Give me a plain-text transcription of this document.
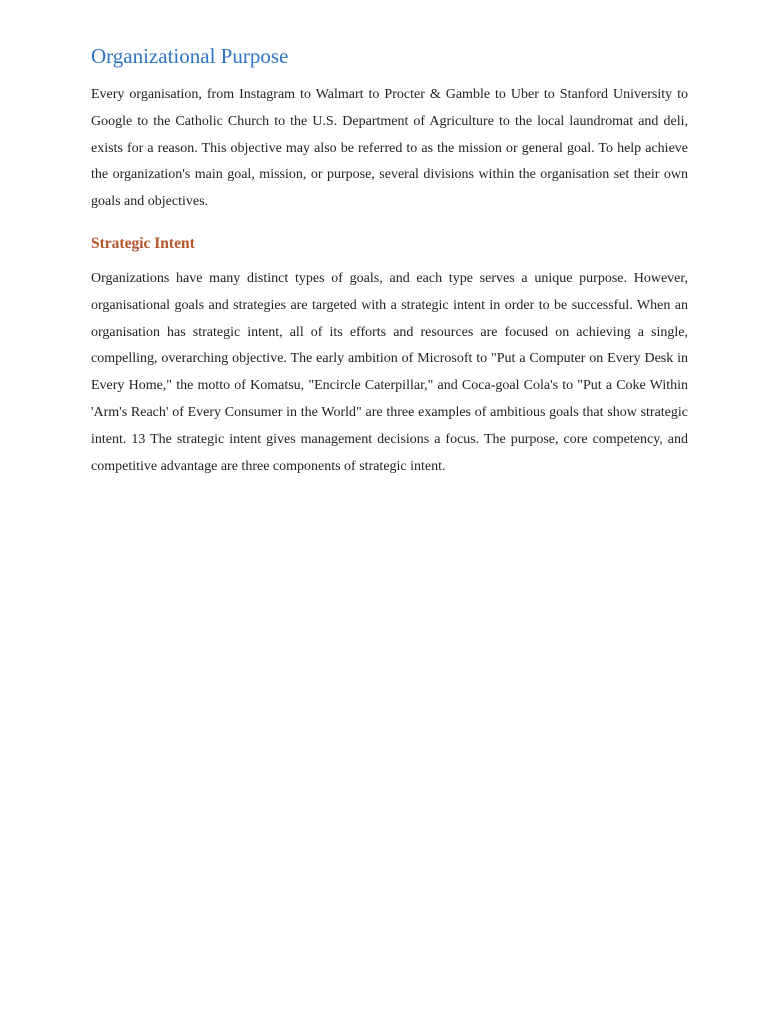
Organizational Purpose

Every organisation, from Instagram to Walmart to Procter & Gamble to Uber to Stanford University to Google to the Catholic Church to the U.S. Department of Agriculture to the local laundromat and deli, exists for a reason. This objective may also be referred to as the mission or general goal. To help achieve the organization's main goal, mission, or purpose, several divisions within the organisation set their own goals and objectives.

Strategic Intent

Organizations have many distinct types of goals, and each type serves a unique purpose. However, organisational goals and strategies are targeted with a strategic intent in order to be successful. When an organisation has strategic intent, all of its efforts and resources are focused on achieving a single, compelling, overarching objective. The early ambition of Microsoft to "Put a Computer on Every Desk in Every Home," the motto of Komatsu, "Encircle Caterpillar," and Coca-goal Cola's to "Put a Coke Within 'Arm's Reach' of Every Consumer in the World" are three examples of ambitious goals that show strategic intent. 13 The strategic intent gives management decisions a focus. The purpose, core competency, and competitive advantage are three components of strategic intent.
